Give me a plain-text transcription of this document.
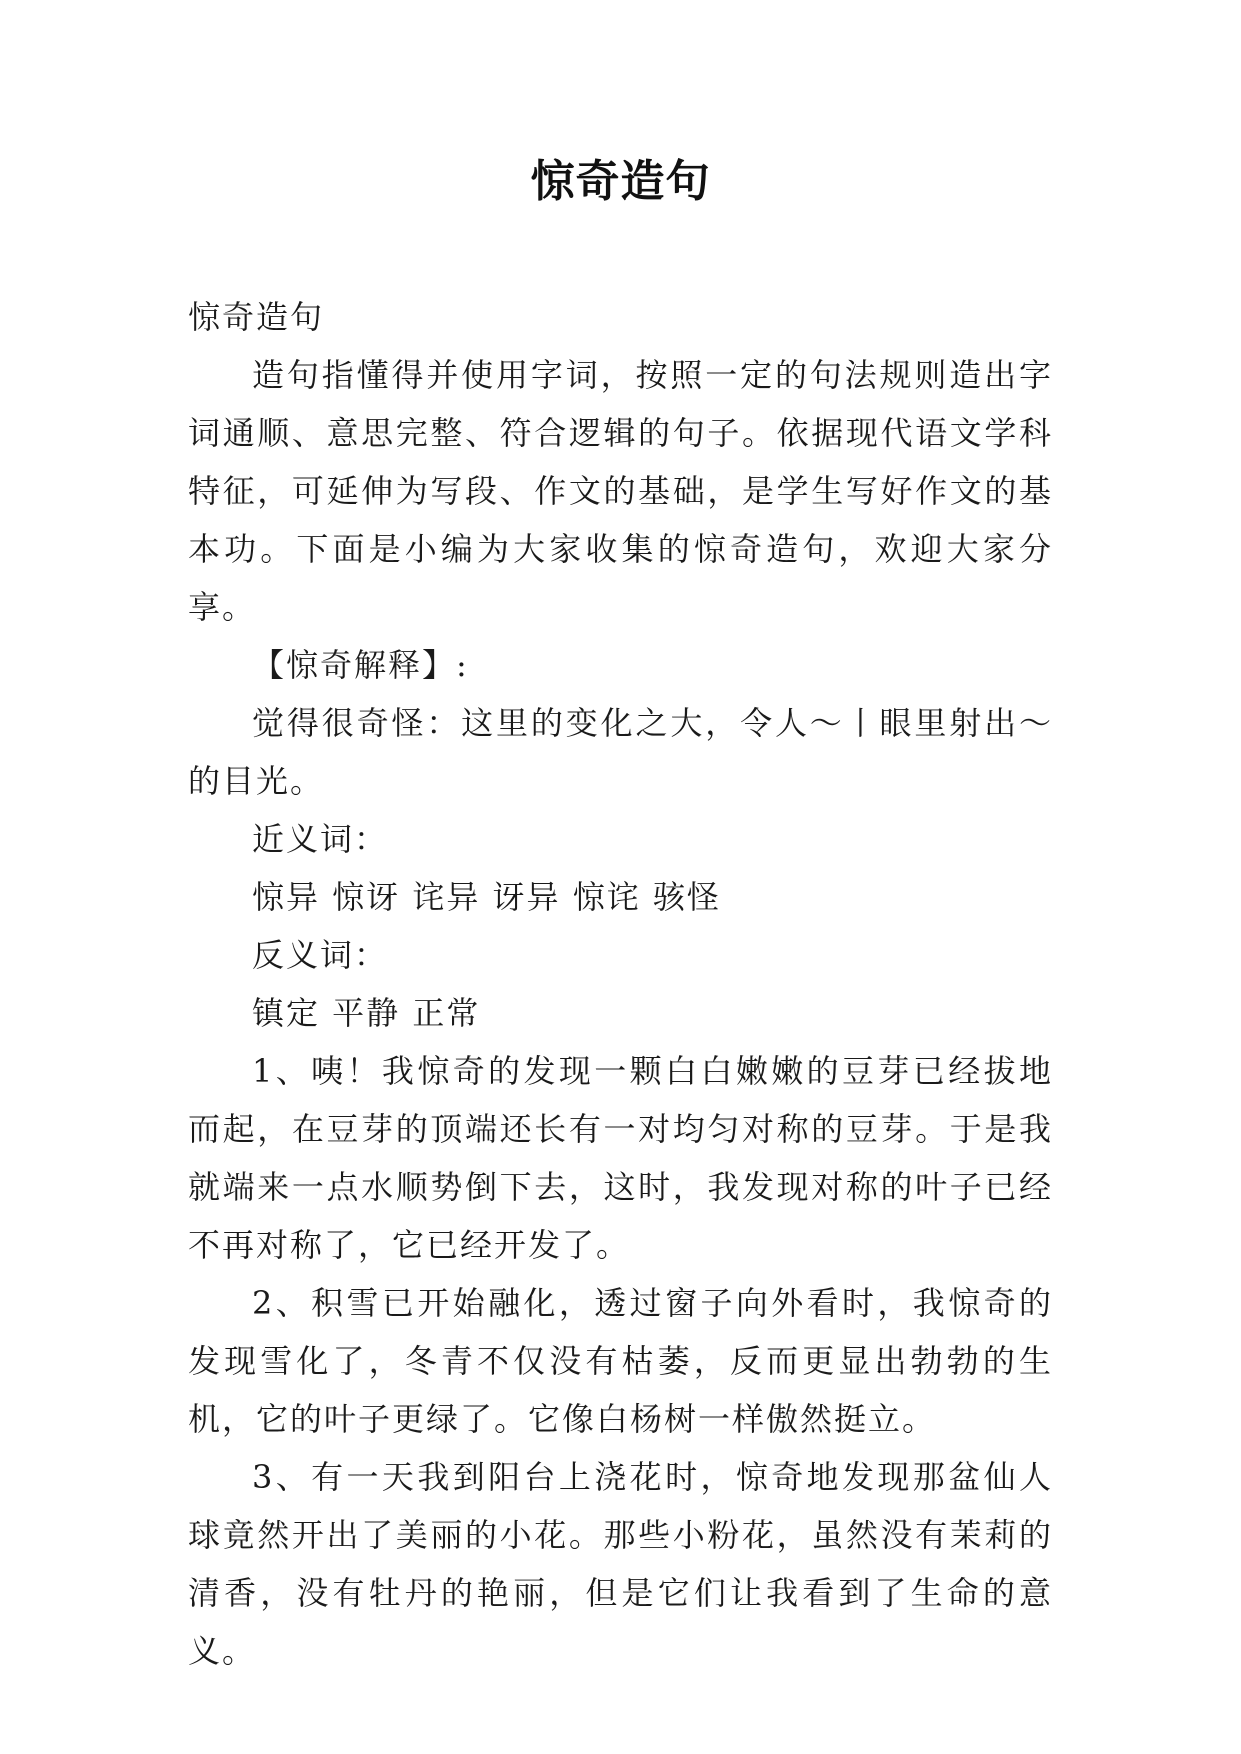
惊奇造句

惊奇造句

造句指懂得并使用字词，按照一定的句法规则造出字词通顺、意思完整、符合逻辑的句子。依据现代语文学科特征，可延伸为写段、作文的基础，是学生写好作文的基本功。下面是小编为大家收集的惊奇造句，欢迎大家分享。

【惊奇解释】:

觉得很奇怪：这里的变化之大，令人～丨眼里射出～的目光。

近义词：

惊异 惊讶 诧异 讶异 惊诧 骇怪

反义词：

镇定 平静 正常

1、咦！我惊奇的发现一颗白白嫩嫩的豆芽已经拔地而起，在豆芽的顶端还长有一对均匀对称的豆芽。于是我就端来一点水顺势倒下去，这时，我发现对称的叶子已经不再对称了，它已经开发了。

2、积雪已开始融化，透过窗子向外看时，我惊奇的发现雪化了，冬青不仅没有枯萎，反而更显出勃勃的生机，它的叶子更绿了。它像白杨树一样傲然挺立。

3、有一天我到阳台上浇花时，惊奇地发现那盆仙人球竟然开出了美丽的小花。那些小粉花，虽然没有茉莉的清香，没有牡丹的艳丽，但是它们让我看到了生命的意义。
